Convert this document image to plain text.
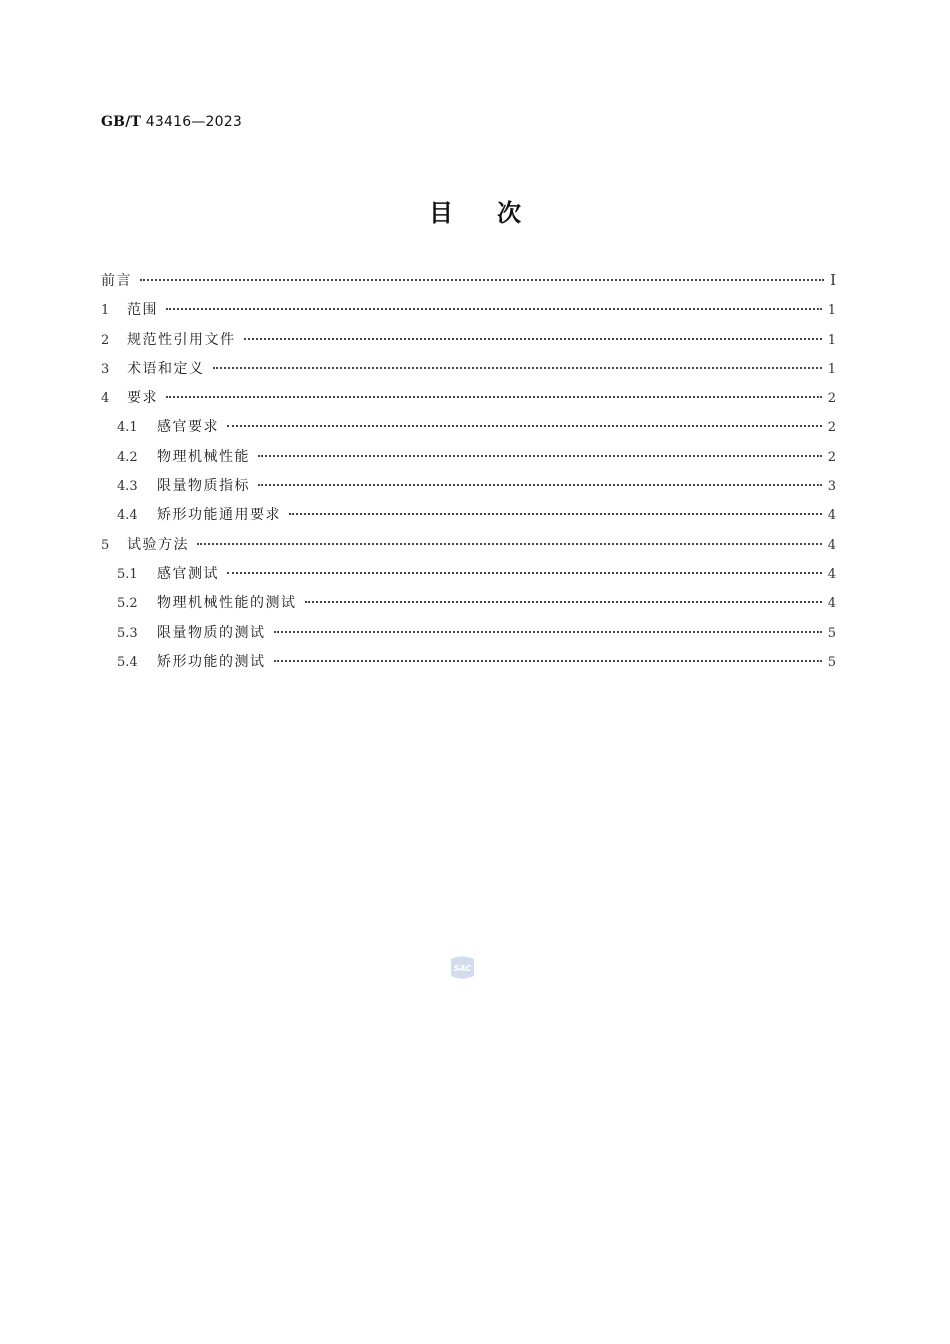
GB/T 43416—2023
目次
前言	I
1	范围	1
2	规范性引用文件	1
3	术语和定义	1
4	要求	2
4.1	感官要求	2
4.2	物理机械性能	2
4.3	限量物质指标	3
4.4	矫形功能通用要求	4
5	试验方法	4
5.1	感官测试	4
5.2	物理机械性能的测试	4
5.3	限量物质的测试	5
5.4	矫形功能的测试	5
SAC
